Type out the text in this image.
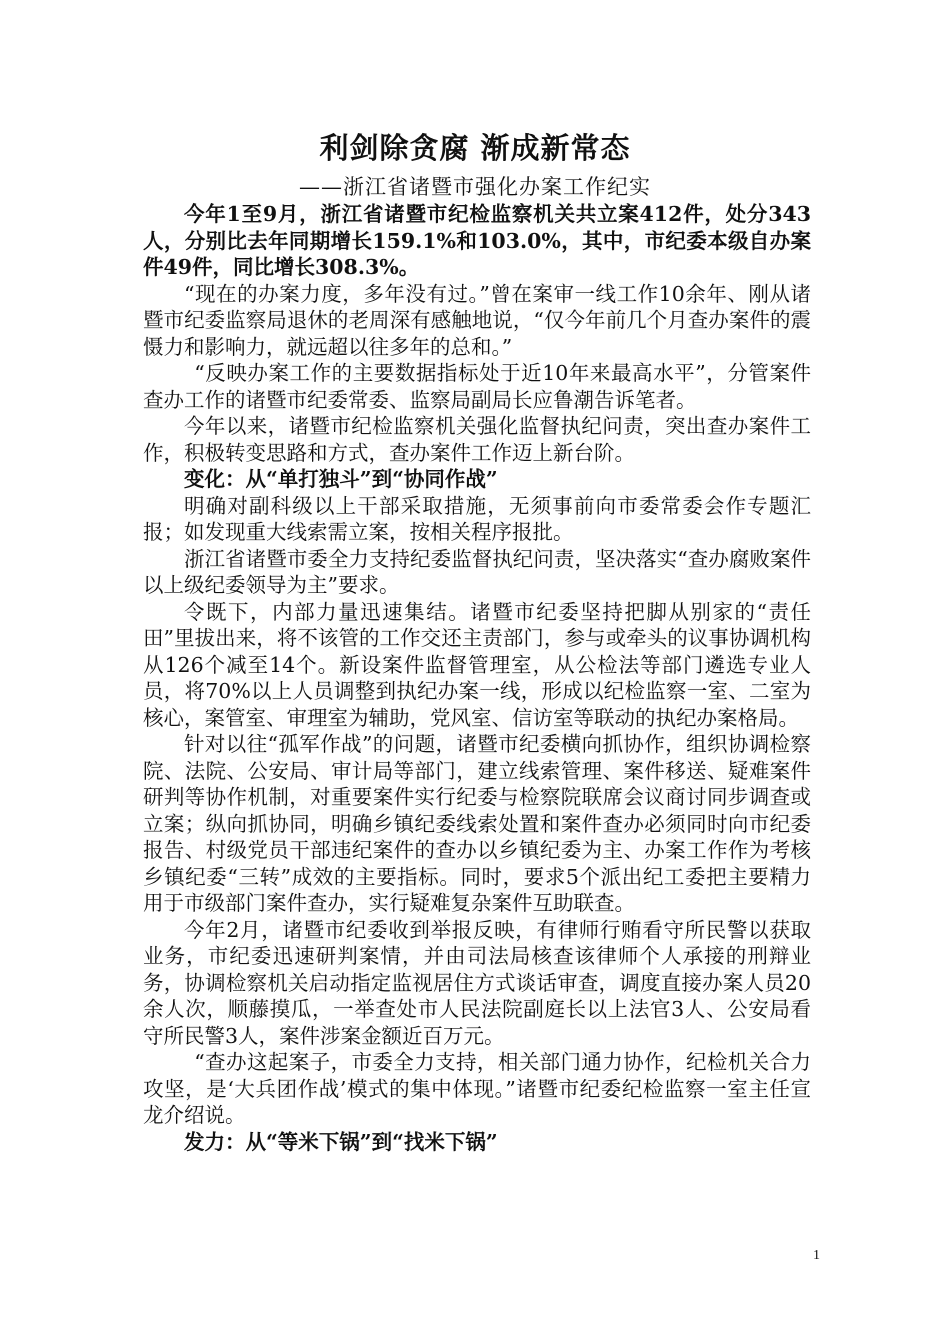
利剑除贪腐 渐成新常态
——浙江省诸暨市强化办案工作纪实

今年1至9月，浙江省诸暨市纪检监察机关共立案412件，处分343人，分别比去年同期增长159.1%和103.0%，其中，市纪委本级自办案件49件，同比增长308.3%。

“现在的办案力度，多年没有过。”曾在案审一线工作10余年、刚从诸暨市纪委监察局退休的老周深有感触地说，“仅今年前几个月查办案件的震慑力和影响力，就远超以往多年的总和。”

“反映办案工作的主要数据指标处于近10年来最高水平”，分管案件查办工作的诸暨市纪委常委、监察局副局长应鲁潮告诉笔者。

今年以来，诸暨市纪检监察机关强化监督执纪问责，突出查办案件工作，积极转变思路和方式，查办案件工作迈上新台阶。

变化：从“单打独斗”到“协同作战”

明确对副科级以上干部采取措施，无须事前向市委常委会作专题汇报；如发现重大线索需立案，按相关程序报批。

浙江省诸暨市委全力支持纪委监督执纪问责，坚决落实“查办腐败案件以上级纪委领导为主”要求。

令既下，内部力量迅速集结。诸暨市纪委坚持把脚从别家的“责任田”里拔出来，将不该管的工作交还主责部门，参与或牵头的议事协调机构从126个减至14个。新设案件监督管理室，从公检法等部门遴选专业人员，将70%以上人员调整到执纪办案一线，形成以纪检监察一室、二室为核心，案管室、审理室为辅助，党风室、信访室等联动的执纪办案格局。

针对以往“孤军作战”的问题，诸暨市纪委横向抓协作，组织协调检察院、法院、公安局、审计局等部门，建立线索管理、案件移送、疑难案件研判等协作机制，对重要案件实行纪委与检察院联席会议商讨同步调查或立案；纵向抓协同，明确乡镇纪委线索处置和案件查办必须同时向市纪委报告、村级党员干部违纪案件的查办以乡镇纪委为主、办案工作作为考核乡镇纪委“三转”成效的主要指标。同时，要求5个派出纪工委把主要精力用于市级部门案件查办，实行疑难复杂案件互助联查。

今年2月，诸暨市纪委收到举报反映，有律师行贿看守所民警以获取业务，市纪委迅速研判案情，并由司法局核查该律师个人承接的刑辩业务，协调检察机关启动指定监视居住方式谈话审查，调度直接办案人员20余人次，顺藤摸瓜，一举查处市人民法院副庭长以上法官3人、公安局看守所民警3人，案件涉案金额近百万元。

“查办这起案子，市委全力支持，相关部门通力协作，纪检机关合力攻坚，是‘大兵团作战’模式的集中体现。”诸暨市纪委纪检监察一室主任宣龙介绍说。

发力：从“等米下锅”到“找米下锅”

1
